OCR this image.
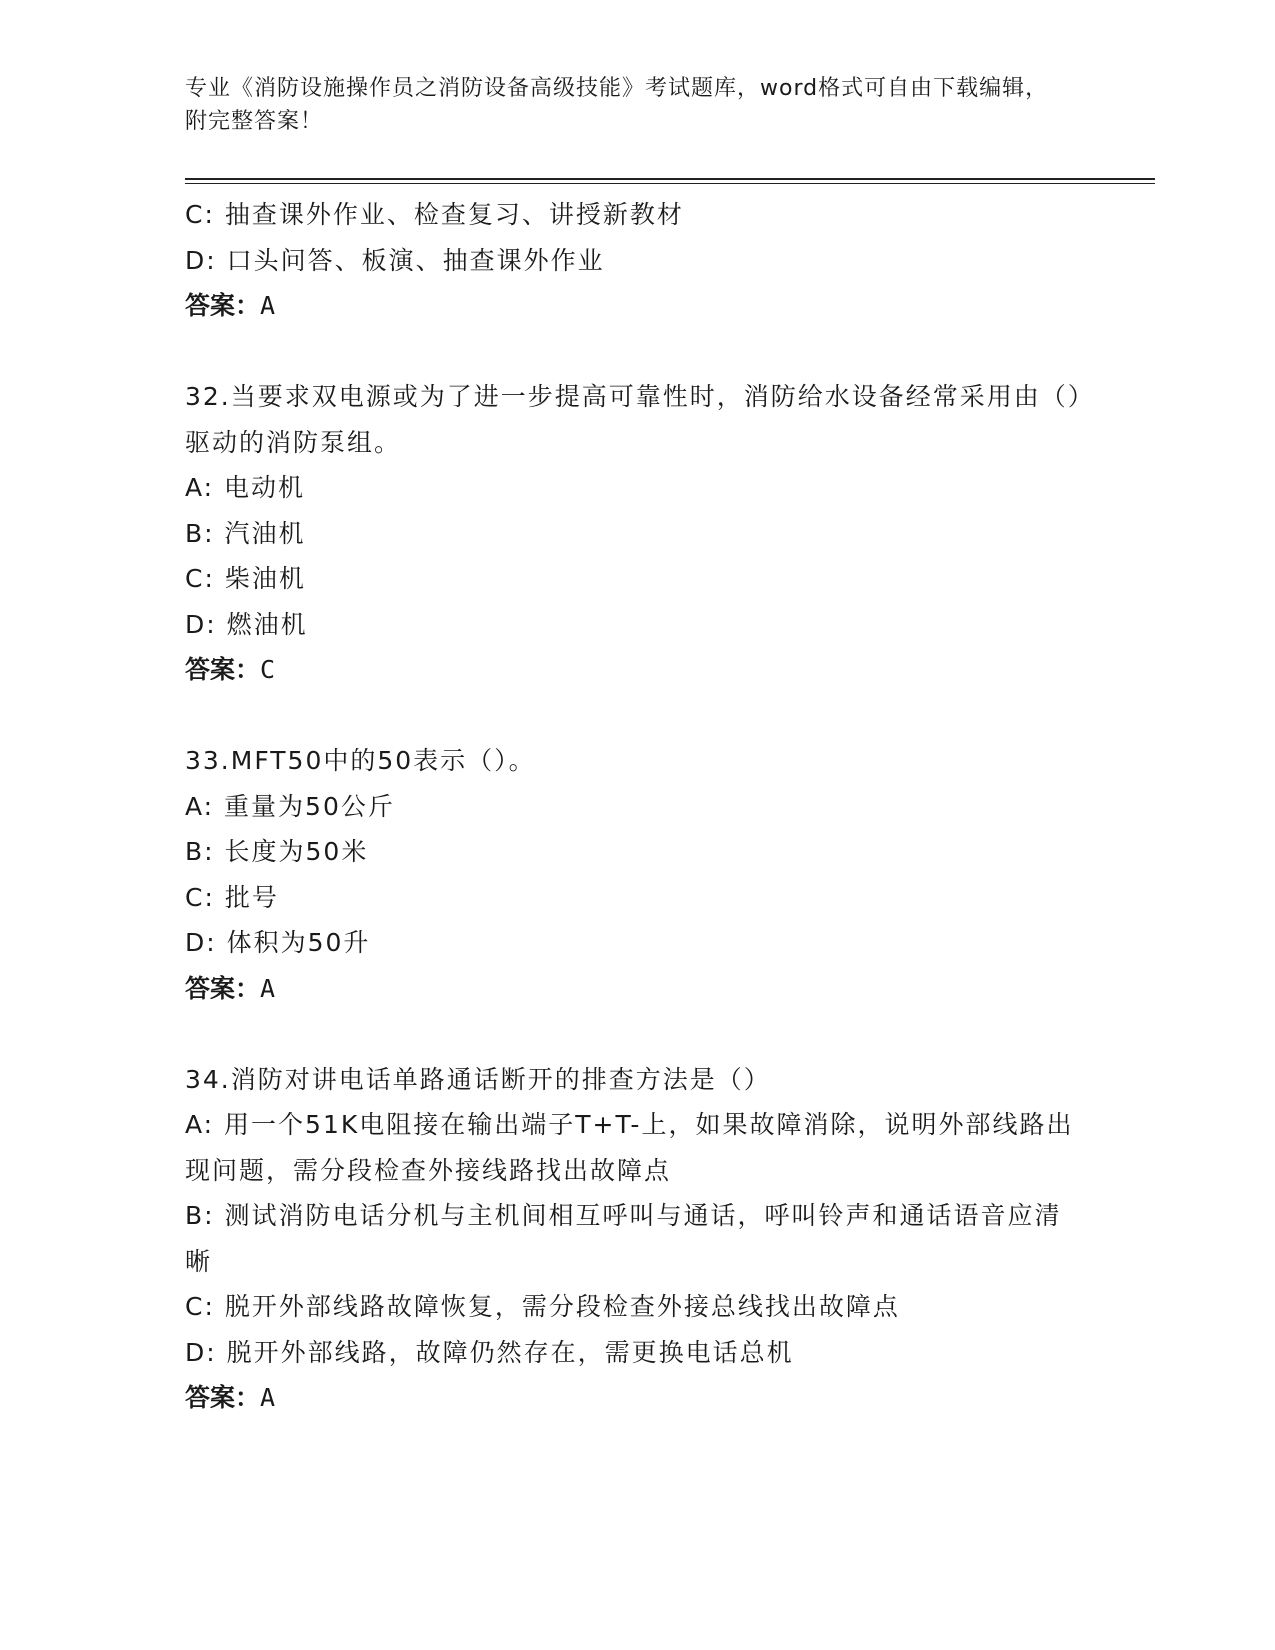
专业《消防设施操作员之消防设备高级技能》考试题库，word格式可自由下载编辑，附完整答案！
C: 抽查课外作业、检查复习、讲授新教材
D: 口头问答、板演、抽查课外作业
答案：A
32.当要求双电源或为了进一步提高可靠性时，消防给水设备经常采用由（）驱动的消防泵组。
A: 电动机
B: 汽油机
C: 柴油机
D: 燃油机
答案：C
33.MFT50中的50表示（）。
A: 重量为50公斤
B: 长度为50米
C: 批号
D: 体积为50升
答案：A
34.消防对讲电话单路通话断开的排查方法是（）
A: 用一个51K电阻接在输出端子T+T-上，如果故障消除，说明外部线路出现问题，需分段检查外接线路找出故障点
B: 测试消防电话分机与主机间相互呼叫与通话，呼叫铃声和通话语音应清晰
C: 脱开外部线路故障恢复，需分段检查外接总线找出故障点
D: 脱开外部线路，故障仍然存在，需更换电话总机
答案：A
